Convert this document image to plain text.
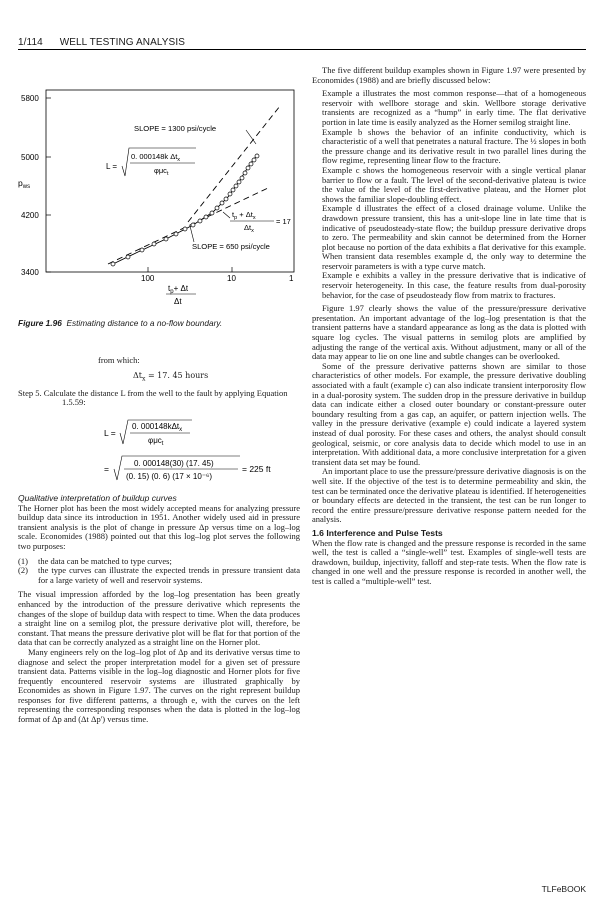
1/114 WELL TESTING ANALYSIS
5800
5000
4200
3400
$p_{ws}$
100	10	1
$t_p+ \Delta t$
Δt
SLOPE = 1300 psi/cycle
SLOPE = 650 psi/cycle
L =
0. 000148k $\Delta t_x$
φμc$_t$
$t_p + \Delta t_x$
$\Delta t_x$
= 17
Figure 1.96 Estimating distance to a no-flow boundary.
from which:
$\Delta t_x = 17$. 45 hours
Step 5. Calculate the distance L from the well to the fault by applying Equation 1.5.59:
L =
0. 000148kΔt$_x$
φμc$_t$
=
0. 000148(30) (17. 45)
(0. 15) (0. 6) (17 × 10⁻⁶)
= 225 ft

Qualitative interpretation of buildup curves

The Horner plot has been the most widely accepted means for analyzing pressure buildup data since its introduction in 1951. Another widely used aid in pressure transient analysis is the plot of change in pressure Δp versus time on a log–log scale. Economides (1988) pointed out that this log–log plot serves the following two purposes:

(1)	the data can be matched to type curves;
(2)	the type curves can illustrate the expected trends in pressure transient data for a large variety of well and reservoir systems.

The visual impression afforded by the log–log presentation has been greatly enhanced by the introduction of the pressure derivative which represents the changes of the slope of buildup data with respect to time. When the data produces a straight line on a semilog plot, the pressure derivative plot will, therefore, be constant. That means the pressure derivative plot will be flat for that portion of the data that can be correctly analyzed as a straight line on the Horner plot.

Many engineers rely on the log–log plot of Δp and its derivative versus time to diagnose and select the proper interpretation model for a given set of pressure transient data. Patterns visible in the log–log diagnostic and Horner plots for five frequently encountered reservoir systems are illustrated graphically by Economides as shown in Figure 1.97. The curves on the right represent buildup responses for five different patterns, a through e, with the curves on the left representing the corresponding responses when the data is plotted in the log–log format of Δp and (Δt Δp') versus time.

The five different buildup examples shown in Figure 1.97 were presented by Economides (1988) and are briefly discussed below:

Example a illustrates the most common response—that of a homogeneous reservoir with wellbore storage and skin. Wellbore storage derivative transients are recognized as a “hump” in early time. The flat derivative portion in late time is easily analyzed as the Horner semilog straight line.

Example b shows the behavior of an infinite conductivity, which is characteristic of a well that penetrates a natural fracture. The ½ slopes in both the pressure change and its derivative result in two parallel lines during the flow regime, representing linear flow to the fracture.

Example c shows the homogeneous reservoir with a single vertical planar barrier to flow or a fault. The level of the second-derivative plateau is twice the value of the level of the first-derivative plateau, and the Horner plot shows the familiar slope-doubling effect.

Example d illustrates the effect of a closed drainage volume. Unlike the drawdown pressure transient, this has a unit-slope line in late time that is indicative of pseudosteady-state flow; the buildup pressure derivative drops to zero. The permeability and skin cannot be determined from the Horner plot because no portion of the data exhibits a flat derivative for this example. When transient data resembles example d, the only way to determine the reservoir parameters is with a type curve match.

Example e exhibits a valley in the pressure derivative that is indicative of reservoir heterogeneity. In this case, the feature results from dual-porosity behavior, for the case of pseudosteady flow from matrix to fractures.

Figure 1.97 clearly shows the value of the pressure/pressure derivative presentation. An important advantage of the log–log presentation is that the transient patterns have a standard appearance as long as the data is plotted with square log cycles. The visual patterns in semilog plots are amplified by adjusting the range of the vertical axis. Without adjustment, many or all of the data may appear to lie on one line and subtle changes can be overlooked.

Some of the pressure derivative patterns shown are similar to those characteristics of other models. For example, the pressure derivative doubling associated with a fault (example c) can also indicate transient interporosity flow in a dual-porosity system. The sudden drop in the pressure derivative in buildup data can indicate either a closed outer boundary or constant-pressure outer boundary resulting from a gas cap, an aquifer, or pattern injection wells. The valley in the pressure derivative (example e) could indicate a layered system instead of dual porosity. For these cases and others, the analyst should consult geological, seismic, or core analysis data to decide which model to use in an interpretation. With additional data, a more conclusive interpretation for a given transient data set may be found.

An important place to use the pressure/pressure derivative diagnosis is on the well site. If the objective of the test is to determine permeability and skin, the test can be terminated once the derivative plateau is identified. If heterogeneities or boundary effects are detected in the transient, the test can be run longer to record the entire pressure/pressure derivative response pattern needed for the analysis.

1.6 Interference and Pulse Tests

When the flow rate is changed and the pressure response is recorded in the same well, the test is called a “single-well” test. Examples of single-well tests are drawdown, buildup, injectivity, falloff and step-rate tests. When the flow rate is changed in one well and the pressure response is recorded in another well, the test is called a “multiple-well” test.

TLFeBOOK
